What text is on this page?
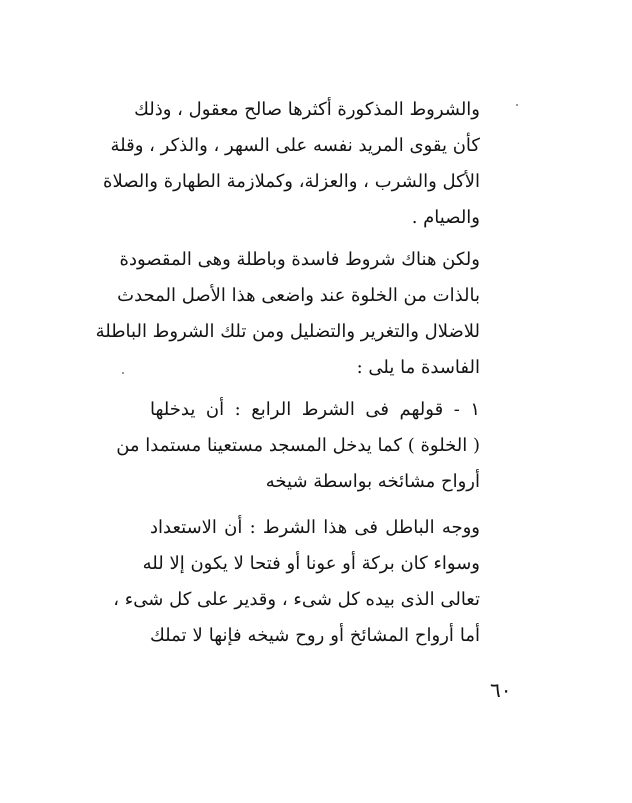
والشروط المذكورة أكثرها صالح معقول ، وذلك
كأن يقوى المريد نفسه على السهر ، والذكر ، وقلة
الأكل والشرب ، والعزلة، وكملازمة الطهارة والصلاة
والصيام .
ولكن هناك شروط فاسدة وباطلة وهى المقصودة
بالذات من الخلوة عند واضعى هذا الأصل المحدث
للاضلال والتغرير والتضليل ومن تلك الشروط الباطلة
الفاسدة ما يلى :
١ - قولهم فى الشرط الرابع : أن يدخلها
( الخلوة ) كما يدخل المسجد مستعينا مستمدا من
أرواح مشائخه بواسطة شيخه
ووجه الباطل فى هذا الشرط : أن الاستعداد
وسواء كان بركة أو عونا أو فتحا لا يكون إلا لله
تعالى الذى بيده كل شىء ، وقدير على كل شىء ،
أما أرواح المشائخ أو روح شيخه فإنها لا تملك
٦٠
